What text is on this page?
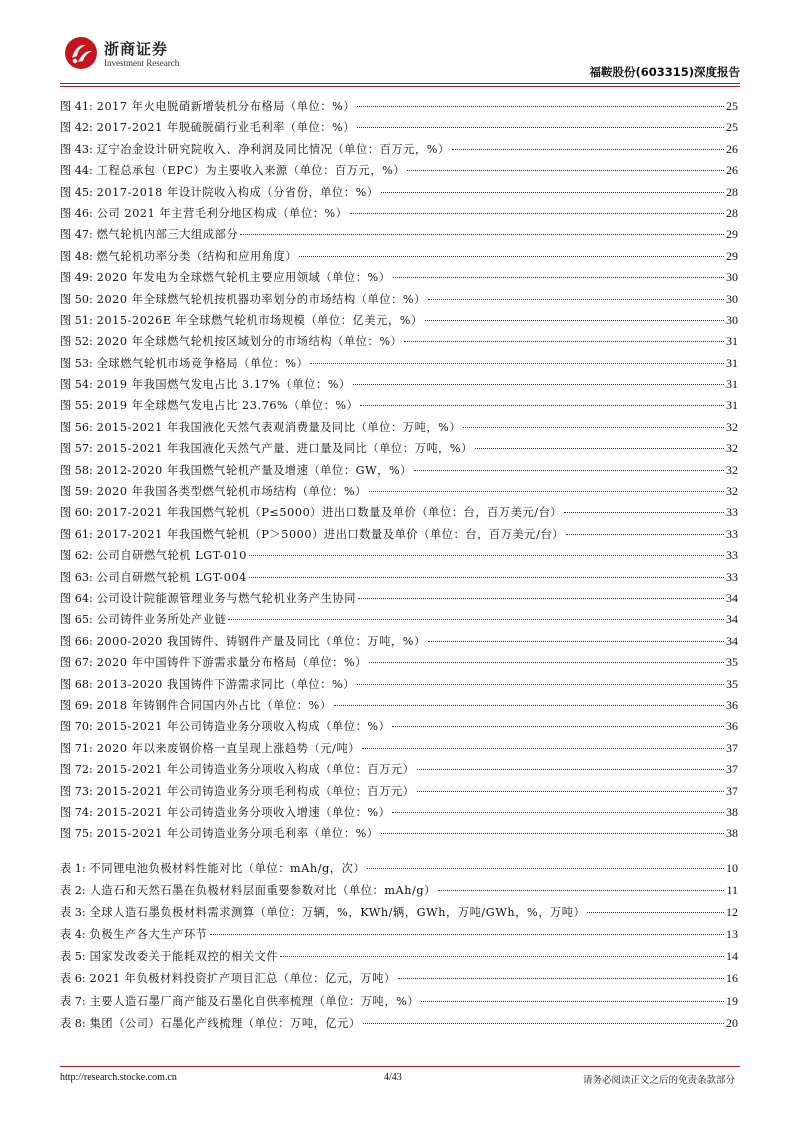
浙商证券
Investment Research
福鞍股份(603315)深度报告
图 41: 2017 年火电脱硝新增装机分布格局（单位：%）	25
图 42: 2017-2021 年脱硫脱硝行业毛利率（单位：%）	25
图 43: 辽宁冶金设计研究院收入、净利润及同比情况（单位：百万元，%）	26
图 44: 工程总承包（EPC）为主要收入来源（单位：百万元，%）	26
图 45: 2017-2018 年设计院收入构成（分省份，单位：%）	28
图 46: 公司 2021 年主营毛利分地区构成（单位：%）	28
图 47: 燃气轮机内部三大组成部分	29
图 48: 燃气轮机功率分类（结构和应用角度）	29
图 49: 2020 年发电为全球燃气轮机主要应用领域（单位：%）	30
图 50: 2020 年全球燃气轮机按机器功率划分的市场结构（单位：%）	30
图 51: 2015-2026E 年全球燃气轮机市场规模（单位：亿美元，%）	30
图 52: 2020 年全球燃气轮机按区域划分的市场结构（单位：%）	31
图 53: 全球燃气轮机市场竞争格局（单位：%）	31
图 54: 2019 年我国燃气发电占比 3.17%（单位：%）	31
图 55: 2019 年全球燃气发电占比 23.76%（单位：%）	31
图 56: 2015-2021 年我国液化天然气表观消费量及同比（单位：万吨，%）	32
图 57: 2015-2021 年我国液化天然气产量、进口量及同比（单位：万吨，%）	32
图 58: 2012-2020 年我国燃气轮机产量及增速（单位：GW，%）	32
图 59: 2020 年我国各类型燃气轮机市场结构（单位：%）	32
图 60: 2017-2021 年我国燃气轮机（P≤5000）进出口数量及单价（单位：台，百万美元/台）	33
图 61: 2017-2021 年我国燃气轮机（P＞5000）进出口数量及单价（单位：台，百万美元/台）	33
图 62: 公司自研燃气轮机 LGT-010	33
图 63: 公司自研燃气轮机 LGT-004	33
图 64: 公司设计院能源管理业务与燃气轮机业务产生协同	34
图 65: 公司铸件业务所处产业链	34
图 66: 2000-2020 我国铸件、铸钢件产量及同比（单位：万吨，%）	34
图 67: 2020 年中国铸件下游需求量分布格局（单位：%）	35
图 68: 2013-2020 我国铸件下游需求同比（单位：%）	35
图 69: 2018 年铸钢件合同国内外占比（单位：%）	36
图 70: 2015-2021 年公司铸造业务分项收入构成（单位：%）	36
图 71: 2020 年以来废钢价格一直呈现上涨趋势（元/吨）	37
图 72: 2015-2021 年公司铸造业务分项收入构成（单位：百万元）	37
图 73: 2015-2021 年公司铸造业务分项毛利构成（单位：百万元）	37
图 74: 2015-2021 年公司铸造业务分项收入增速（单位：%）	38
图 75: 2015-2021 年公司铸造业务分项毛利率（单位：%）	38
表 1: 不同锂电池负极材料性能对比（单位：mAh/g，次）	10
表 2: 人造石和天然石墨在负极材料层面重要参数对比（单位：mAh/g）	11
表 3: 全球人造石墨负极材料需求测算（单位：万辆，%，KWh/辆，GWh，万吨/GWh，%，万吨）	12
表 4: 负极生产各大生产环节	13
表 5: 国家发改委关于能耗双控的相关文件	14
表 6: 2021 年负极材料投资扩产项目汇总（单位：亿元，万吨）	16
表 7: 主要人造石墨厂商产能及石墨化自供率梳理（单位：万吨，%）	19
表 8: 集团（公司）石墨化产线梳理（单位：万吨，亿元）	20
http://research.stocke.com.cn	4/43	请务必阅读正文之后的免责条款部分
